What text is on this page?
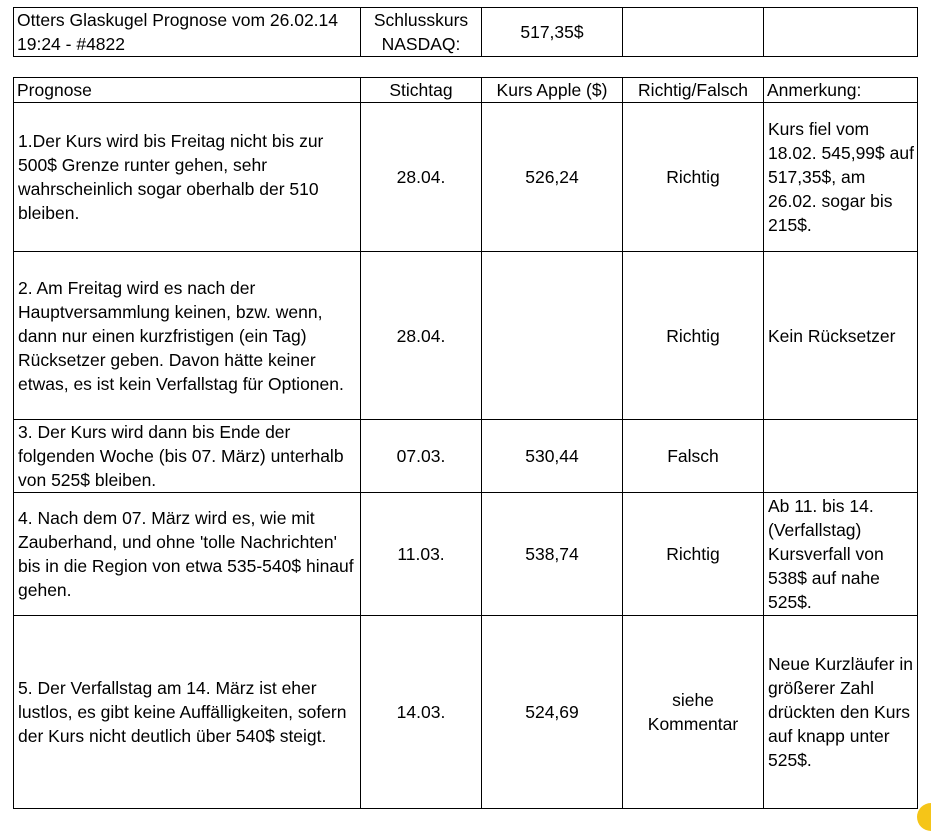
Otters Glaskugel Prognose vom 26.02.14 19:24 - #4822	Schlusskurs NASDAQ:	517,35$		
Prognose	Stichtag	Kurs Apple ($)	Richtig/Falsch	Anmerkung:
1.Der Kurs wird bis Freitag nicht bis zur 500$ Grenze runter gehen, sehr wahrscheinlich sogar oberhalb der 510 bleiben.	28.04.	526,24	Richtig	Kurs fiel vom 18.02. 545,99$ auf 517,35$, am 26.02. sogar bis 215$.
2. Am Freitag wird es nach der Hauptversammlung keinen, bzw. wenn, dann nur einen kurzfristigen (ein Tag) Rücksetzer geben. Davon hätte keiner etwas, es ist kein Verfallstag für Optionen.	28.04.		Richtig	Kein Rücksetzer
3. Der Kurs wird dann bis Ende der folgenden Woche (bis 07. März) unterhalb von 525$ bleiben.	07.03.	530,44	Falsch	
4. Nach dem 07. März wird es, wie mit Zauberhand, und ohne 'tolle Nachrichten' bis in die Region von etwa 535-540$ hinauf gehen.	11.03.	538,74	Richtig	Ab 11. bis 14. (Verfallstag) Kursverfall von 538$ auf nahe 525$.
5. Der Verfallstag am 14. März ist eher lustlos, es gibt keine Auffälligkeiten, sofern der Kurs nicht deutlich über 540$ steigt.	14.03.	524,69	siehe Kommentar	Neue Kurzläufer in größerer Zahl drückten den Kurs auf knapp unter 525$.
